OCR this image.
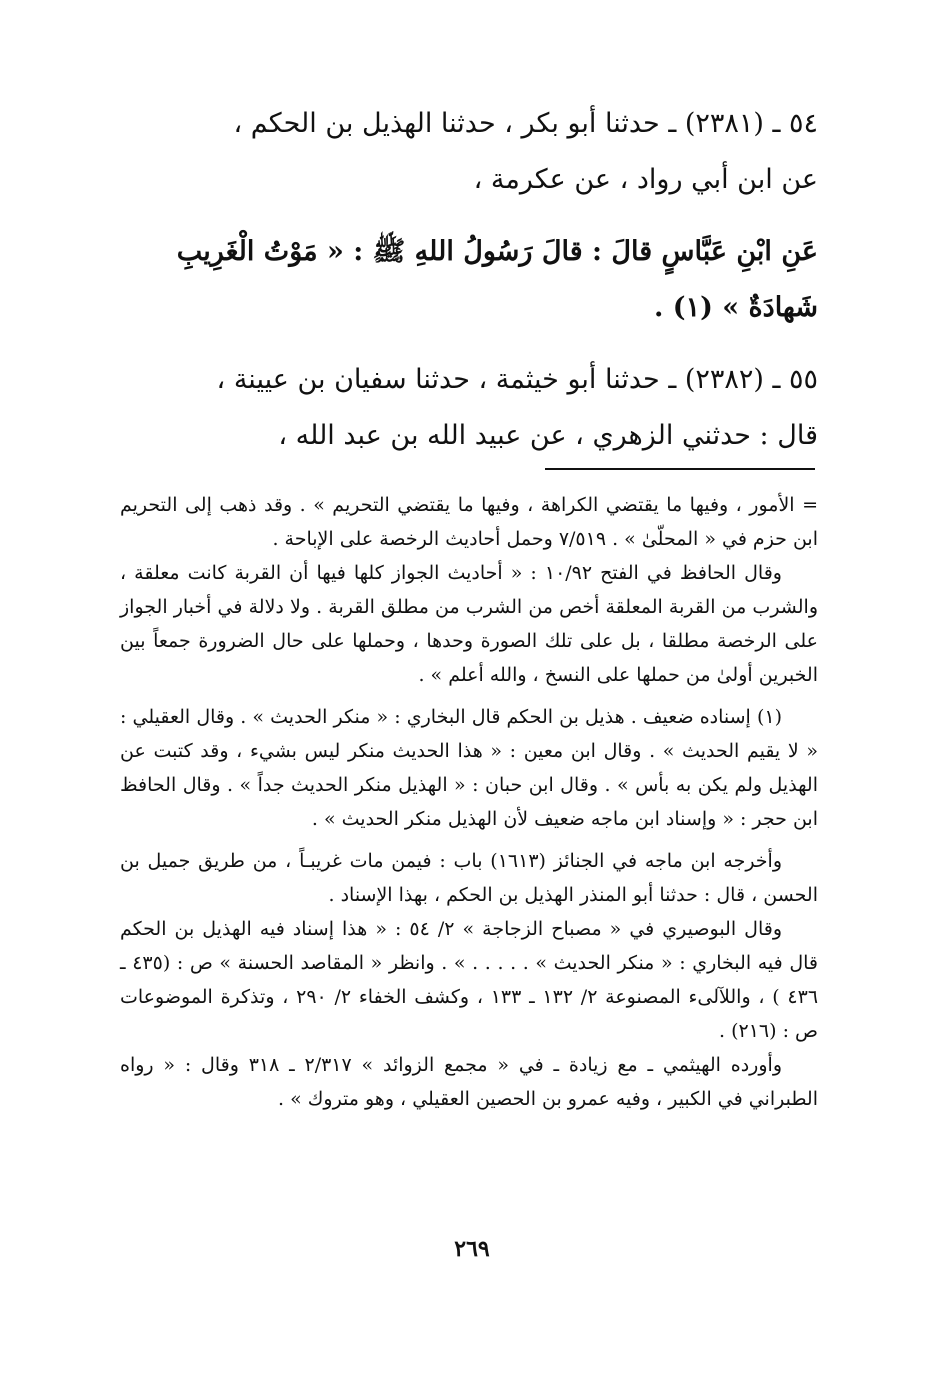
٥٤ ـ (٢٣٨١) ـ حدثنا أبو بكر ، حدثنا الهذيل بن الحكم ،

عن ابن أبي رواد ، عن عكرمة ،

عَنِ ابْنِ عَبَّاسٍ قالَ : قالَ رَسُولُ اللهِ ﷺ : « مَوْتُ الْغَرِيبِ

شَهادَةٌ » (١) .

٥٥ ـ (٢٣٨٢) ـ حدثنا أبو خيثمة ، حدثنا سفيان بن عيينة ،

قال : حدثني الزهري ، عن عبيد الله بن عبد الله ،

= الأمور ، وفيها ما يقتضي الكراهة ، وفيها ما يقتضي التحريم » . وقد ذهب إلى التحريم ابن حزم في « المحلّىٰ » . ٧/٥١٩ وحمل أحاديث الرخصة على الإباحة .

وقال الحافظ في الفتح ١٠/٩٢ : « أحاديث الجواز كلها فيها أن القربة كانت معلقة ، والشرب من القربة المعلقة أخص من الشرب من مطلق القربة . ولا دلالة في أخبار الجواز على الرخصة مطلقا ، بل على تلك الصورة وحدها ، وحملها على حال الضرورة جمعاً بين الخبرين أولىٰ من حملها على النسخ ، والله أعلم » .

(١) إسناده ضعيف . هذيل بن الحكم قال البخاري : « منكر الحديث » . وقال العقيلي : « لا يقيم الحديث » . وقال ابن معين : « هذا الحديث منكر ليس بشيء ، وقد كتبت عن الهذيل ولم يكن به بأس » . وقال ابن حبان : « الهذيل منكر الحديث جداً » . وقال الحافظ ابن حجر : « وإسناد ابن ماجه ضعيف لأن الهذيل منكر الحديث » .

وأخرجه ابن ماجه في الجنائز (١٦١٣) باب : فيمن مات غريبـاً ، من طريق جميل بن الحسن ، قال : حدثنا أبو المنذر الهذيل بن الحكم ، بهذا الإسناد .

وقال البوصيري في « مصباح الزجاجة » ٢/ ٥٤ : « هذا إسناد فيه الهذيل بن الحكم قال فيه البخاري : « منكر الحديث » . . . . . » . وانظر « المقاصد الحسنة » ص : (٤٣٥ ـ ٤٣٦ ) ، واللآلىء المصنوعة ٢/ ١٣٢ ـ ١٣٣ ، وكشف الخفاء ٢/ ٢٩٠ ، وتذكرة الموضوعات ص : (٢١٦) .

وأورده الهيثمي ـ مع زيادة ـ في « مجمع الزوائد » ٢/٣١٧ ـ ٣١٨ وقال : « رواه الطبراني في الكبير ، وفيه عمرو بن الحصين العقيلي ، وهو متروك » .

٢٦٩
